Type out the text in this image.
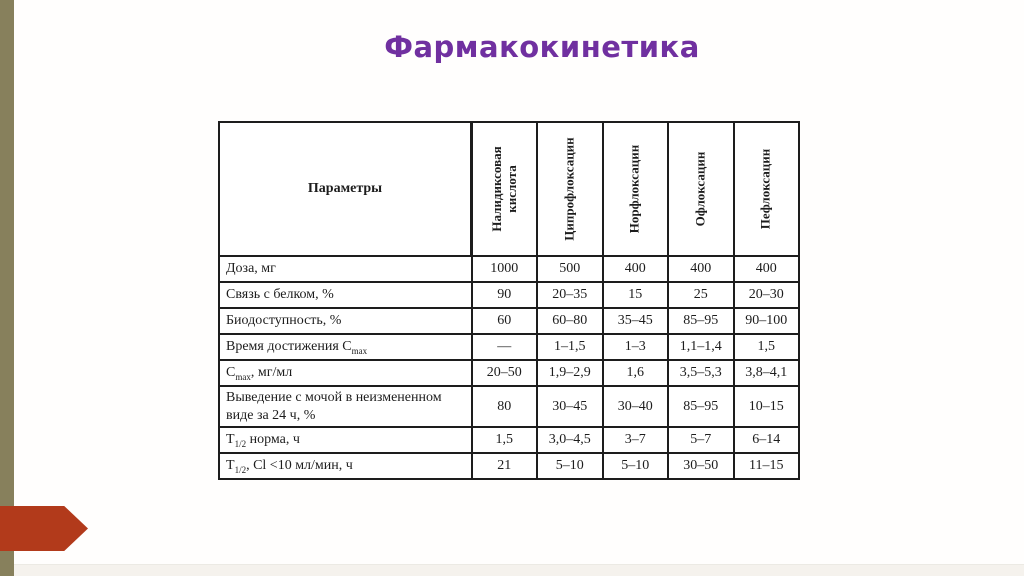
Фармакокинетика
Параметры	Налидиксовая кислота	Ципрофлоксацин	Норфлоксацин	Офлоксацин	Пефлоксацин

Доза, мг	1000	500	400	400	400
Связь с белком, %	90	20–35	15	25	20–30
Биодоступность, %	60	60–80	35–45	85–95	90–100
Время достижения $С_{max}$	—	1–1,5	1–3	1,1–1,4	1,5
$С_{max}$, мг/мл	20–50	1,9–2,9	1,6	3,5–5,3	3,8–4,1
Выведение с мочой в неизмененном виде за 24 ч, %	80	30–45	30–40	85–95	10–15
$Т_{1/2}$ норма, ч	1,5	3,0–4,5	3–7	5–7	6–14
$Т_{1/2}$, Cl <10 мл/мин, ч	21	5–10	5–10	30–50	11–15
